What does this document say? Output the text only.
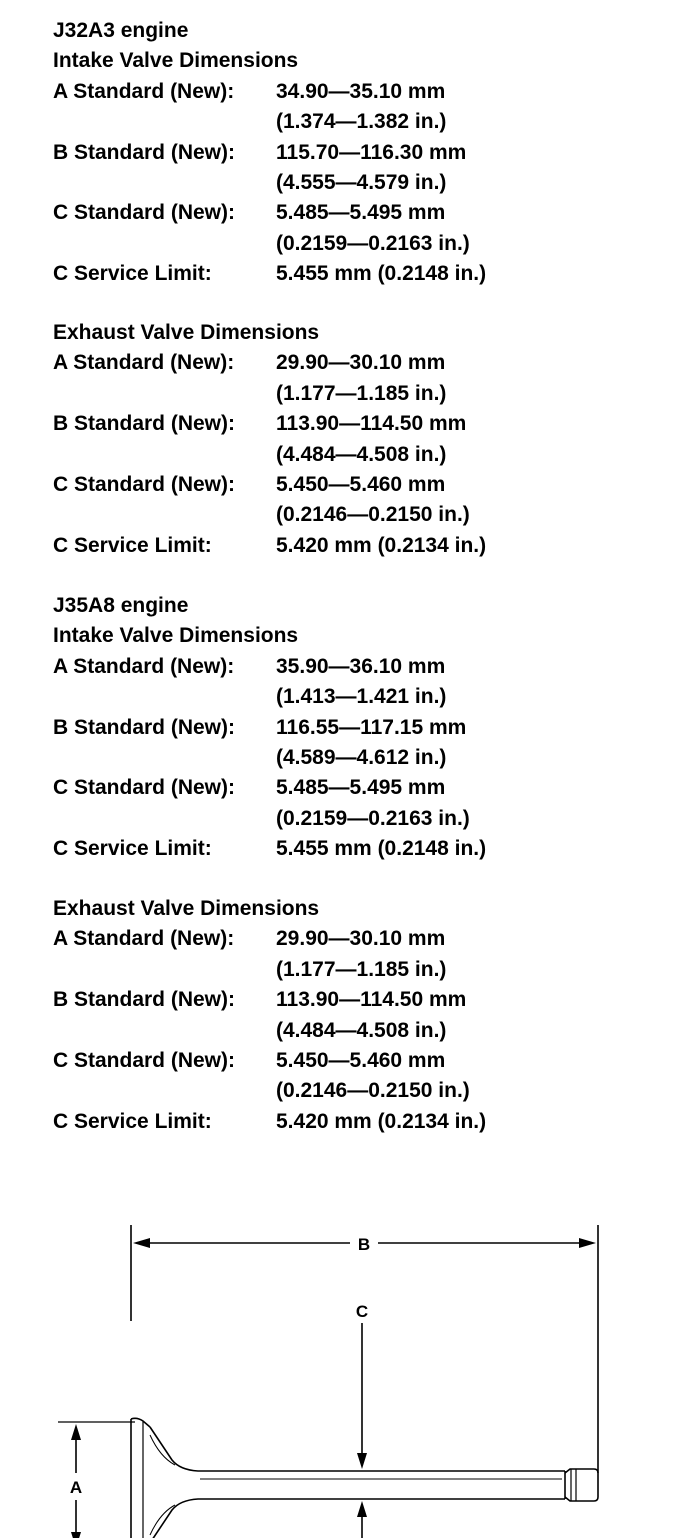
J32A3 engine
Intake Valve Dimensions
A Standard (New): 34.90—35.10 mm
(1.374—1.382 in.)
B Standard (New): 115.70—116.30 mm
(4.555—4.579 in.)
C Standard (New): 5.485—5.495 mm
(0.2159—0.2163 in.)
C Service Limit:	5.455 mm (0.2148 in.)
Exhaust Valve Dimensions
A Standard (New): 29.90—30.10 mm
(1.177—1.185 in.)
B Standard (New): 113.90—114.50 mm
(4.484—4.508 in.)
C Standard (New): 5.450—5.460 mm
(0.2146—0.2150 in.)
C Service Limit:	5.420 mm (0.2134 in.)
J35A8 engine
Intake Valve Dimensions
A Standard (New): 35.90—36.10 mm
(1.413—1.421 in.)
B Standard (New): 116.55—117.15 mm
(4.589—4.612 in.)
C Standard (New): 5.485—5.495 mm
(0.2159—0.2163 in.)
C Service Limit:	5.455 mm (0.2148 in.)
Exhaust Valve Dimensions
A Standard (New): 29.90—30.10 mm
(1.177—1.185 in.)
B Standard (New): 113.90—114.50 mm
(4.484—4.508 in.)
C Standard (New): 5.450—5.460 mm
(0.2146—0.2150 in.)
C Service Limit:	5.420 mm (0.2134 in.)
B
A
C
